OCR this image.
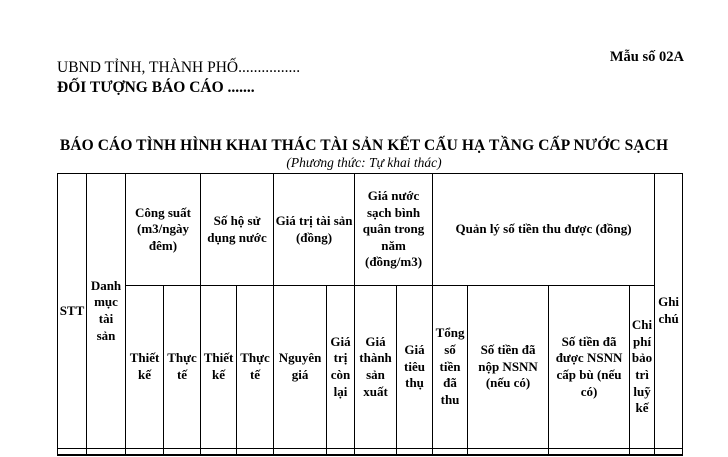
UBND TỈNH, THÀNH PHỐ................
ĐỐI TƯỢNG BÁO CÁO .......
Mẫu số 02A
BÁO CÁO TÌNH HÌNH KHAI THÁC TÀI SẢN KẾT CẤU HẠ TẦNG CẤP NƯỚC SẠCH
(Phương thức: Tự khai thác)
STT	Danh mục tài sản	Công suất (m3/ngày đêm)		Số hộ sử dụng nước		Giá trị tài sản (đồng)		Giá nước sạch bình quân trong năm (đồng/m3)		Quản lý số tiền thu được (đồng)				Ghi chú
		Thiết kế	Thực tế	Thiết kế	Thực tế	Nguyên giá	Giá trị còn lại	Giá thành sản xuất	Giá tiêu thụ	Tổng số tiền đã thu	Số tiền đã nộp NSNN (nếu có)	Số tiền đã được NSNN cấp bù (nếu có)	Chi phí bảo trì luỹ kế	
